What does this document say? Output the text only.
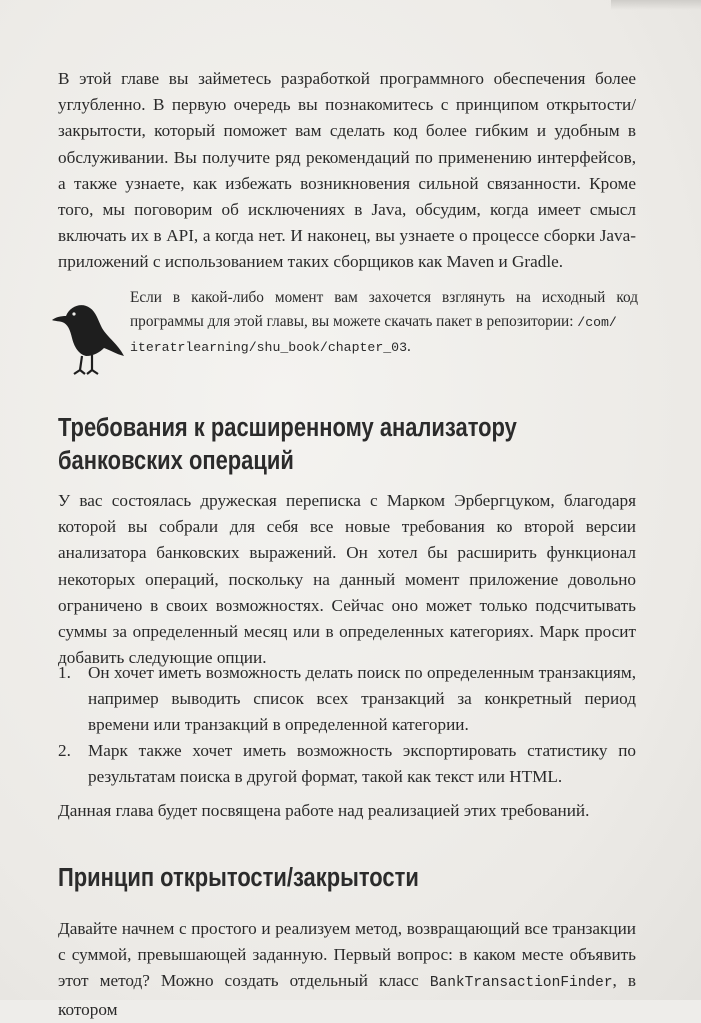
В этой главе вы займетесь разработкой программного обеспечения более углубленно. В первую очередь вы познакомитесь с принципом открытости/закрытости, который поможет вам сделать код более гибким и удобным в обслуживании. Вы получите ряд рекомендаций по применению интерфейсов, а также узнаете, как избежать возникновения сильной связанности. Кроме того, мы поговорим об исключениях в Java, обсудим, когда имеет смысл включать их в API, а когда нет. И наконец, вы узнаете о процессе сборки Java-приложений с использованием таких сборщиков как Maven и Gradle.

Если в какой-либо момент вам захочется взглянуть на исходный код программы для этой главы, вы можете скачать пакет в репозитории: /com/
iteratrlearning/shu_book/chapter_03.

Требования к расширенному анализатору
банковских операций

У вас состоялась дружеская переписка с Марком Эрбергцуком, благодаря которой вы собрали для себя все новые требования ко второй версии анализатора банковских выражений. Он хотел бы расширить функционал некоторых операций, поскольку на данный момент приложение довольно ограничено в своих возможностях. Сейчас оно может только подсчитывать суммы за определенный месяц или в определенных категориях. Марк просит добавить следующие опции.

1. Он хочет иметь возможность делать поиск по определенным транзакциям, например выводить список всех транзакций за конкретный период времени или транзакций в определенной категории.
2. Марк также хочет иметь возможность экспортировать статистику по результатам поиска в другой формат, такой как текст или HTML.

Данная глава будет посвящена работе над реализацией этих требований.

Принцип открытости/закрытости

Давайте начнем с простого и реализуем метод, возвращающий все транзакции с суммой, превышающей заданную. Первый вопрос: в каком месте объявить этот метод? Можно создать отдельный класс BankTransactionFinder, в котором
